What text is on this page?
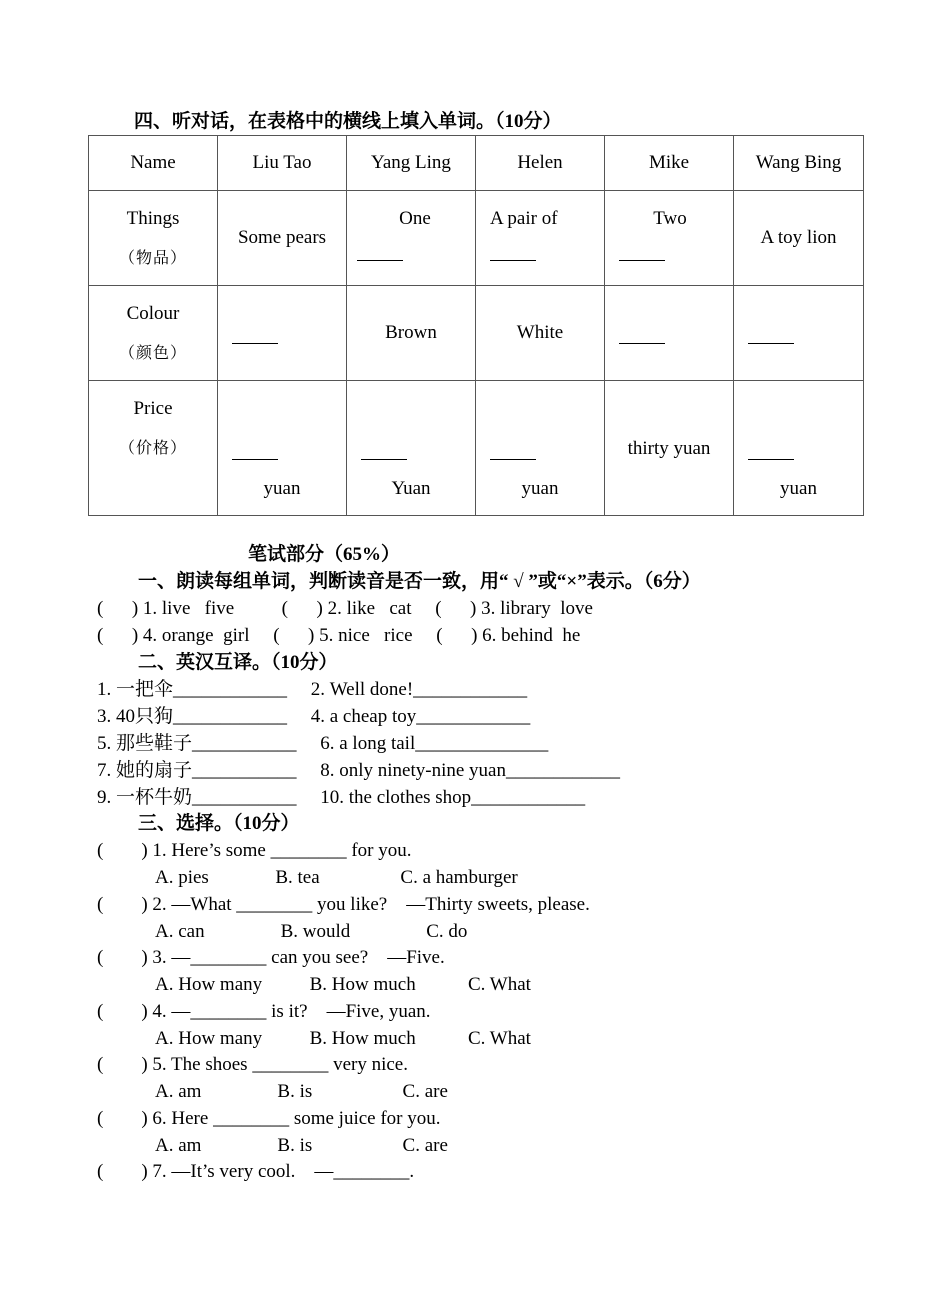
四、听对话，在表格中的横线上填入单词。（10分）
Name	Liu Tao	Yang Ling	Helen	Mike	Wang Bing

Things
（物品）	Some pears	One	A pair of	Two	A toy lion

Colour
（颜色）		Brown	White		

Price
（价格）	yuan	Yuan	yuan	thirty yuan	yuan
笔试部分（65%）
一、朗读每组单词，判断读音是否一致，用“ √ ”或“×”表示。（6分）
(      ) 1. live   five          (      ) 2. like   cat     (      ) 3. library  love
(      ) 4. orange  girl     (      ) 5. nice   rice     (      ) 6. behind  he
二、英汉互译。（10分）
1. 一把伞____________     2. Well done!____________
3. 40只狗____________     4. a cheap toy____________
5. 那些鞋子___________     6. a long tail______________
7. 她的扇子___________     8. only ninety-nine yuan____________
9. 一杯牛奶___________     10. the clothes shop____________
三、选择。（10分）
(        ) 1. Here’s some ________ for you.
A. pies              B. tea                 C. a hamburger
(        ) 2. —What ________ you like?    —Thirty sweets, please.
A. can                B. would                C. do
(        ) 3. —________ can you see?    —Five.
A. How many          B. How much           C. What
(        ) 4. —________ is it?    —Five, yuan.
A. How many          B. How much           C. What
(        ) 5. The shoes ________ very nice.
A. am                B. is                   C. are
(        ) 6. Here ________ some juice for you.
A. am                B. is                   C. are
(        ) 7. —It’s very cool.    —________.
